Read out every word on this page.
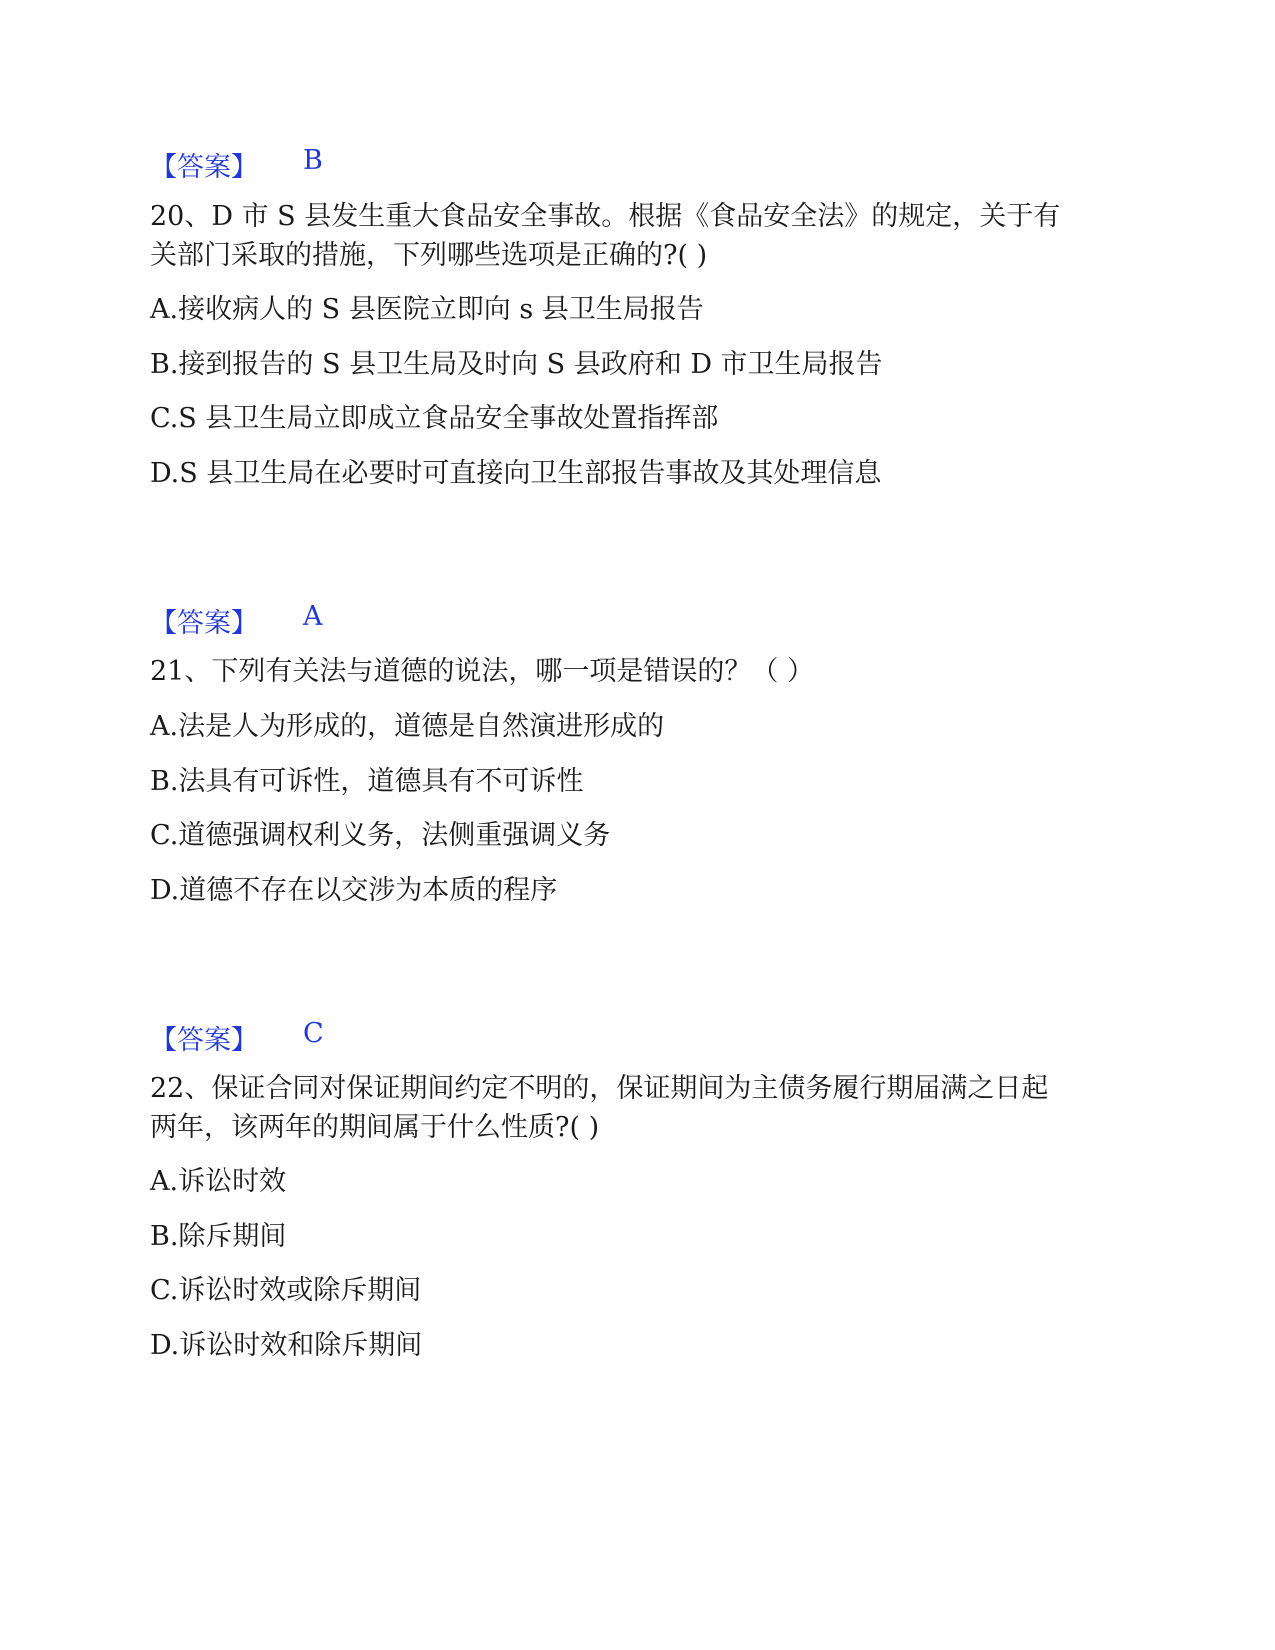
【答案】 B
20、D 市 S 县发生重大食品安全事故。根据《食品安全法》的规定，关于有
关部门采取的措施，下列哪些选项是正确的?( )
A.接收病人的 S 县医院立即向 s 县卫生局报告
B.接到报告的 S 县卫生局及时向 S 县政府和 D 市卫生局报告
C.S 县卫生局立即成立食品安全事故处置指挥部
D.S 县卫生局在必要时可直接向卫生部报告事故及其处理信息
【答案】 A
21、下列有关法与道德的说法，哪一项是错误的？（ ）
A.法是人为形成的，道德是自然演进形成的
B.法具有可诉性，道德具有不可诉性
C.道德强调权利义务，法侧重强调义务
D.道德不存在以交涉为本质的程序
【答案】 C
22、保证合同对保证期间约定不明的，保证期间为主债务履行期届满之日起
两年，该两年的期间属于什么性质?( )
A.诉讼时效
B.除斥期间
C.诉讼时效或除斥期间
D.诉讼时效和除斥期间
